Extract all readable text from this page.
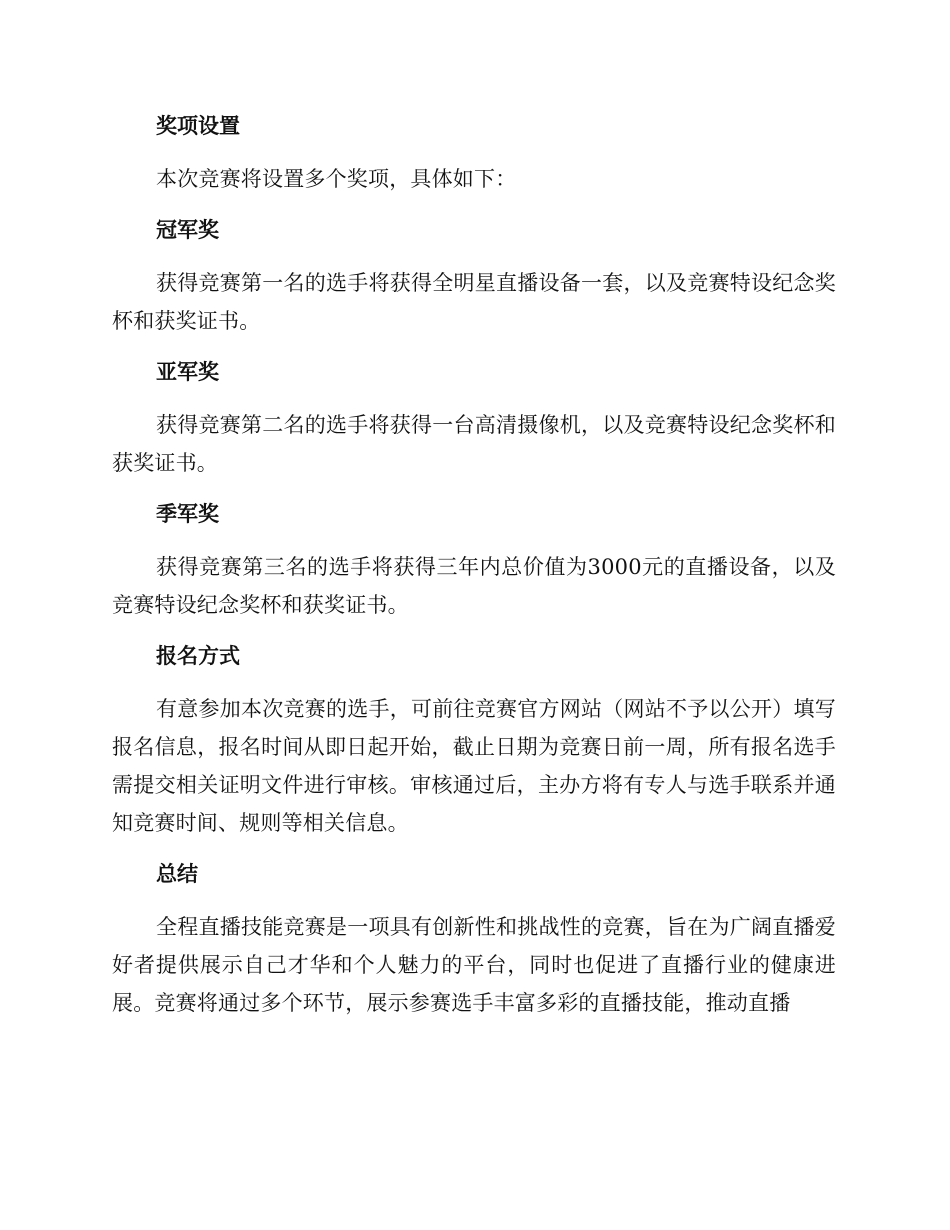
奖项设置

本次竞赛将设置多个奖项，具体如下：

冠军奖

获得竞赛第一名的选手将获得全明星直播设备一套，以及竞赛特设纪念奖杯和获奖证书。

亚军奖

获得竞赛第二名的选手将获得一台高清摄像机，以及竞赛特设纪念奖杯和获奖证书。

季军奖

获得竞赛第三名的选手将获得三年内总价值为3000元的直播设备，以及竞赛特设纪念奖杯和获奖证书。

报名方式

有意参加本次竞赛的选手，可前往竞赛官方网站（网站不予以公开）填写报名信息，报名时间从即日起开始，截止日期为竞赛日前一周，所有报名选手需提交相关证明文件进行审核。审核通过后，主办方将有专人与选手联系并通知竞赛时间、规则等相关信息。

总结

全程直播技能竞赛是一项具有创新性和挑战性的竞赛，旨在为广阔直播爱好者提供展示自己才华和个人魅力的平台，同时也促进了直播行业的健康进展。竞赛将通过多个环节，展示参赛选手丰富多彩的直播技能，推动直播
